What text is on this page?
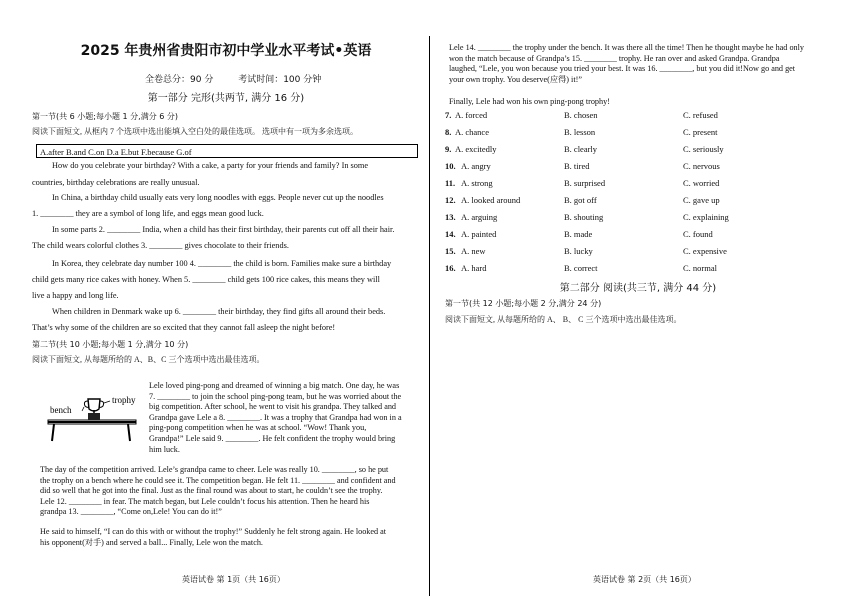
2025 年贵州省贵阳市初中学业水平考试•英语
全卷总分：90 分	考试时间：100 分钟
第一部分 完形(共两节, 满分 16 分)
第一节(共 6 小题;每小题 1 分,满分 6 分)
阅读下面短文, 从框内 7 个选项中选出能填入空白处的最佳选项。 选项中有一项为多余选项。
A.after B.and C.on D.a E.but F.because G.of
How do you celebrate your birthday? With a cake, a party for your friends and family? In some
countries, birthday celebrations are really unusual.
In China, a birthday child usually eats very long noodles with eggs. People never cut up the noodles
1. ________ they are a symbol of long life, and eggs mean good luck.
In some parts 2. ________ India, when a child has their first birthday, their parents cut off all their hair.
The child wears colorful clothes 3. ________ gives chocolate to their friends.
In Korea, they celebrate day number 100 4. ________ the child is born. Families make sure a birthday
child gets many rice cakes with honey. When 5. ________ child gets 100 rice cakes, this means they will
live a happy and long life.
When children in Denmark wake up 6. ________ their birthday, they find gifts all around their beds.
That’s why some of the children are so excited that they cannot fall asleep the night before!
第二节(共 10 小题;每小题 1 分,满分 10 分)
阅读下面短文, 从每题所给的 A、B、C 三个选项中选出最佳选项。
bench
trophy
Lele loved ping-pong and dreamed of winning a big match. One day, he was
7. ________ to join the school ping-pong team, but he was worried about the
big competition. After school, he went to visit his grandpa. They talked and
Grandpa gave Lele a 8. ________. It was a trophy that Grandpa had won in a
ping-pong competition when he was at school. “Wow! Thank you,
Grandpa!” Lele said 9. ________. He felt confident the trophy would bring
him luck.
The day of the competition arrived. Lele’s grandpa came to cheer. Lele was really 10. ________, so he put
the trophy on a bench where he could see it. The competition began. He felt 11. ________ and confident and
did so well that he got into the final. Just as the final round was about to start, he couldn’t see the trophy.
Lele 12. ________ in fear. The match began, but Lele couldn’t focus his attention. Then he heard his
grandpa 13. ________, “Come on,Lele! You can do it!”
He said to himself, “I can do this with or without the trophy!” Suddenly he felt strong again. He looked at
his opponent(对手) and served a ball... Finally, Lele won the match.
英语试卷 第 1页（共 16页）
Lele 14. ________ the trophy under the bench. It was there all the time! Then he thought maybe he had only
won the match because of Grandpa’s 15. ________ trophy. He ran over and asked Grandpa. Grandpa
laughed, “Lele, you won because you tried your best. It was 16. ________, but you did it!Now go and get
your own trophy. You deserve(应得) it!”
Finally, Lele had won his own ping-pong trophy!
7. A. forced	B. chosen	C. refused
8. A. chance	B. lesson	C. present
9. A. excitedly	B. clearly	C. seriously
10. A. angry	B. tired	C. nervous
11. A. strong	B. surprised	C. worried
12. A. looked around	B. got off	C. gave up
13. A. arguing	B. shouting	C. explaining
14. A. painted	B. made	C. found
15. A. new	B. lucky	C. expensive
16. A. hard	B. correct	C. normal
第二部分 阅读(共三节, 满分 44 分)
第一节(共 12 小题;每小题 2 分,满分 24 分)
阅读下面短文, 从每题所给的 A、 B、 C 三个选项中选出最佳选项。
英语试卷 第 2页（共 16页）
